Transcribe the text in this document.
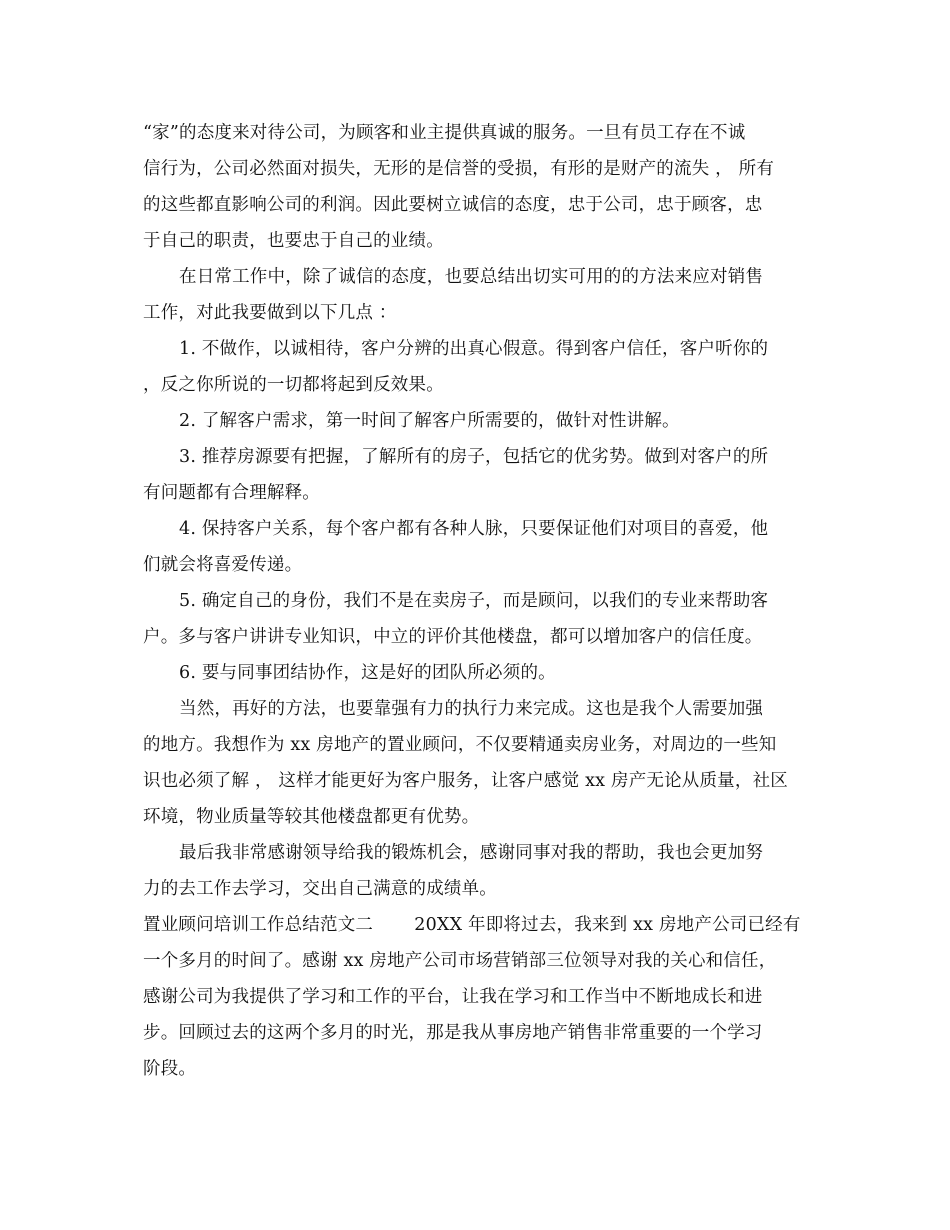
“家”的态度来对待公司，为顾客和业主提供真诚的服务。一旦有员工存在不诚
信行为，公司必然面对损失，无形的是信誉的受损，有形的是财产的流失 ， 所有
的这些都直影响公司的利润。因此要树立诚信的态度，忠于公司，忠于顾客，忠
于自己的职责，也要忠于自己的业绩。
在日常工作中，除了诚信的态度，也要总结出切实可用的的方法来应对销售
工作，对此我要做到以下几点 ：
1. 不做作，以诚相待，客户分辨的出真心假意。得到客户信任，客户听你的
，反之你所说的一切都将起到反效果。
2. 了解客户需求，第一时间了解客户所需要的，做针对性讲解。
3. 推荐房源要有把握，了解所有的房子，包括它的优劣势。做到对客户的所
有问题都有合理解释。
4. 保持客户关系，每个客户都有各种人脉，只要保证他们对项目的喜爱，他
们就会将喜爱传递。
5. 确定自己的身份，我们不是在卖房子，而是顾问，以我们的专业来帮助客
户。多与客户讲讲专业知识，中立的评价其他楼盘，都可以增加客户的信任度。
6. 要与同事团结协作，这是好的团队所必须的。
当然，再好的方法，也要靠强有力的执行力来完成。这也是我个人需要加强
的地方。我想作为 xx 房地产的置业顾问，不仅要精通卖房业务，对周边的一些知
识也必须了解 ， 这样才能更好为客户服务，让客户感觉 xx 房产无论从质量，社区
环境，物业质量等较其他楼盘都更有优势。
最后我非常感谢领导给我的锻炼机会，感谢同事对我的帮助，我也会更加努
力的去工作去学习，交出自己满意的成绩单。
置业顾问培训工作总结范文二　　 20XX 年即将过去，我来到 xx 房地产公司已经有
一个多月的时间了。感谢 xx 房地产公司市场营销部三位领导对我的关心和信任，
感谢公司为我提供了学习和工作的平台，让我在学习和工作当中不断地成长和进
步。回顾过去的这两个多月的时光，那是我从事房地产销售非常重要的一个学习
阶段。
